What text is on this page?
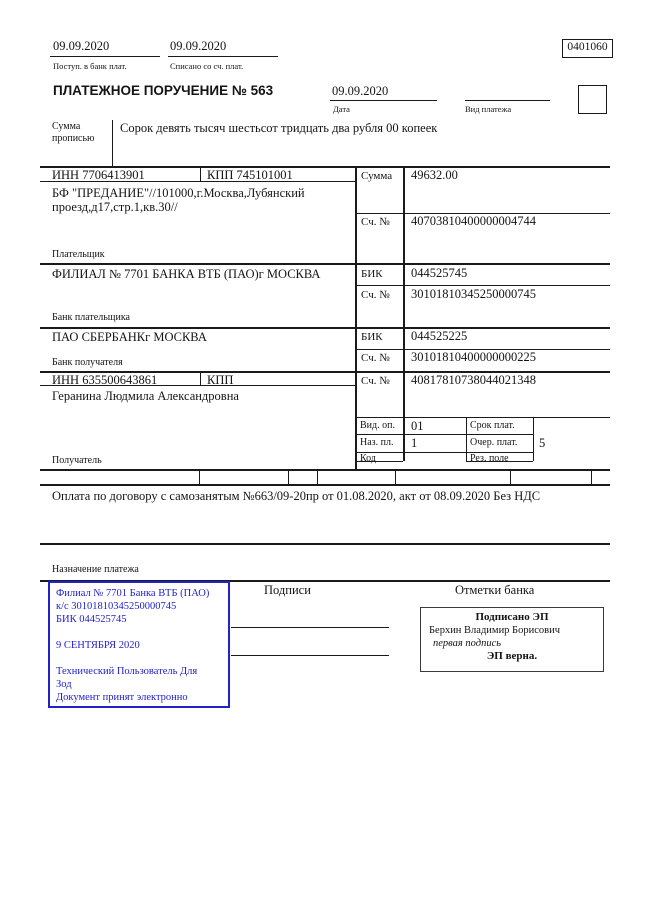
09.09.2020
Поступ. в банк плат.
09.09.2020
Списано со сч. плат.
0401060
ПЛАТЕЖНОЕ ПОРУЧЕНИЕ № 563	09.09.2020
Дата	Вид платежа
Сумма прописью
Сорок девять тысяч шестьсот тридцать два рубля 00 копеек
ИНН 7706413901	КПП 745101001	Сумма 49632.00
БФ "ПРЕДАНИЕ"//101000,г.Москва,Лубянский проезд,д17,стр.1,кв.30//
Сч. № 40703810400000004744
Плательщик
ФИЛИАЛ № 7701 БАНКА ВТБ (ПАО)г МОСКВА	БИК 044525745
Сч. № 30101810345250000745
Банк плательщика
ПАО СБЕРБАНКг МОСКВА	БИК 044525225
Сч. № 30101810400000000225
Банк получателя
ИНН 635500643861	КПП	Сч. № 40817810738044021348
Геранина Людмила Александровна
Получатель
Вид. оп. 01	Срок плат.
Наз. пл. 1	Очер. плат. 5
Код	Рез. поле
Оплата по договору с самозанятым №663/09-20пр от 01.08.2020, акт от 08.09.2020 Без НДС
Назначение платежа
Филиал № 7701 Банка ВТБ (ПАО)
к/с 30101810345250000745
БИК 044525745
9 СЕНТЯБРЯ 2020
Технический Пользователь Для Зод
Документ принят электронно
Подписи	Отметки банка
Подписано ЭП
Берхин Владимир Борисович
первая подпись
ЭП верна.
